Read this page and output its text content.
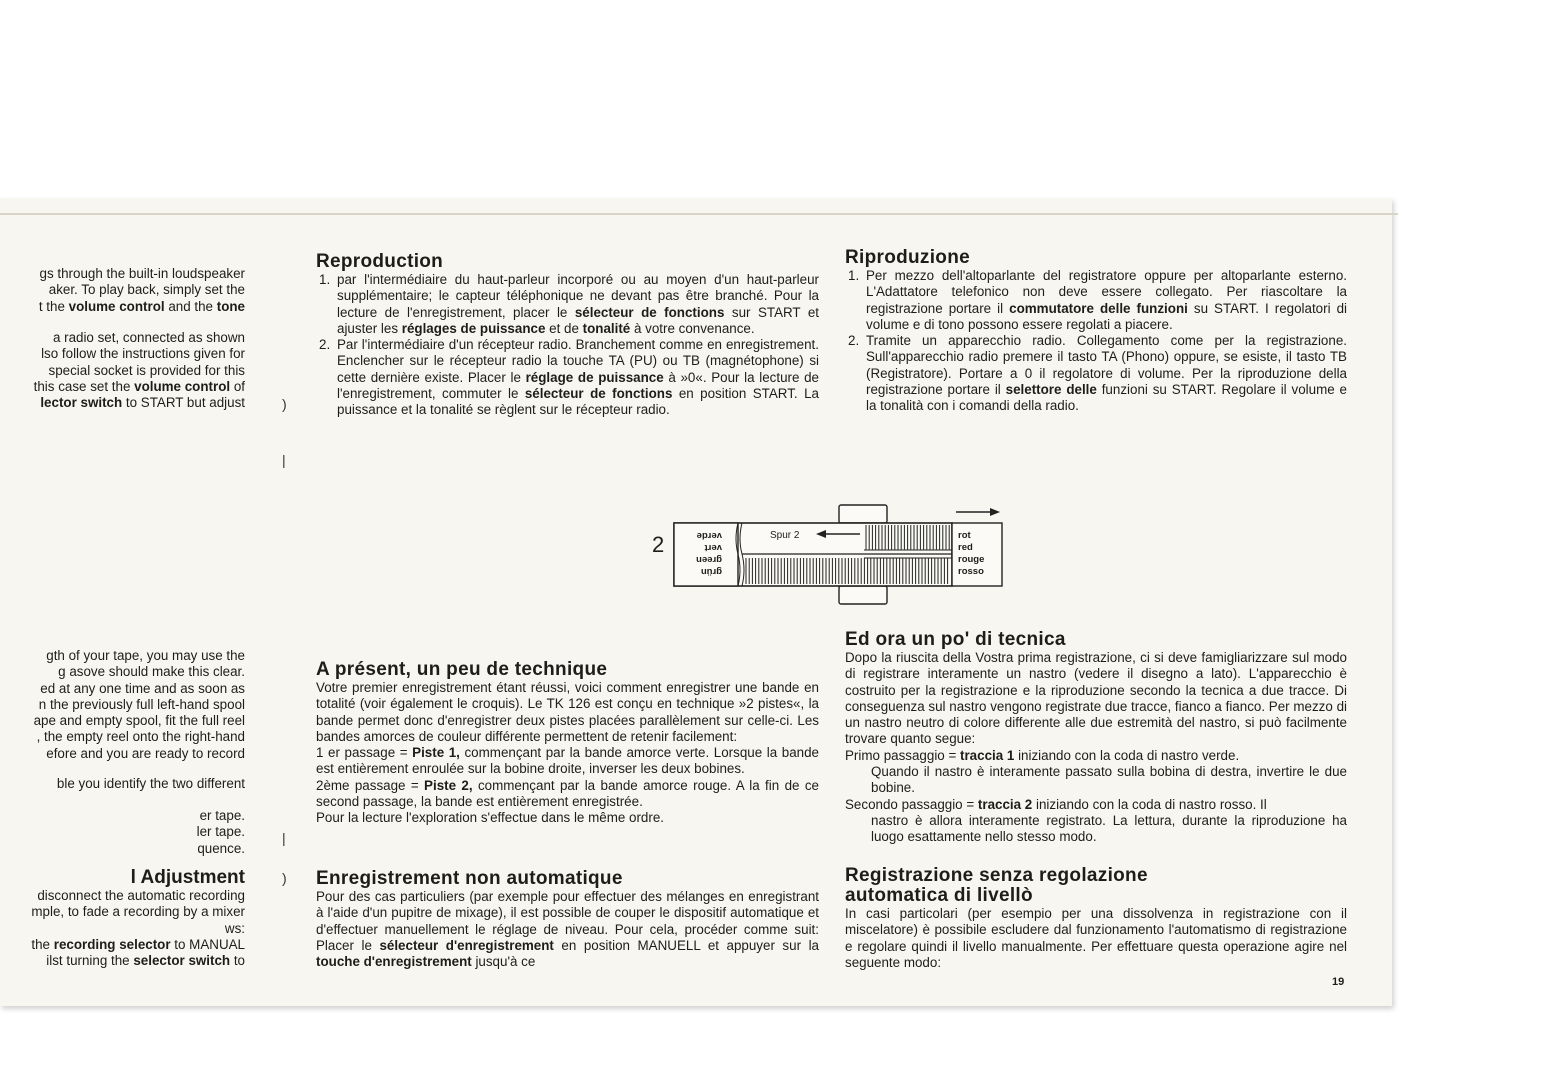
gs through the built-in loudspeaker

aker. To play back, simply set the

t the volume control and the tone

a radio set, connected as shown

lso follow the instructions given for

special socket is provided for this

this case set the volume control of

lector switch to START but adjust

gth of your tape, you may use the

g asove should make this clear.

ed at any one time and as soon as

n the previously full left-hand spool

ape and empty spool, fit the full reel

, the empty reel onto the right-hand

efore and you are ready to record

ble you identify the two different

er tape.

ler tape.

quence.

l Adjustment

disconnect the automatic recording

mple, to fade a recording by a mixer

ws:

the recording selector to MANUAL

ilst turning the selector switch to

Reproduction
1. par l'intermédiaire du haut-parleur incorporé ou au moyen d'un haut-parleur supplémentaire; le capteur téléphonique ne devant pas être branché. Pour la lecture de l'enregistrement, placer le sélecteur de fonctions sur START et ajuster les réglages de puissance et de tonalité à votre convenance.
2. Par l'intermédiaire d'un récepteur radio. Branchement comme en enregistrement. Enclencher sur le récepteur radio la touche TA (PU) ou TB (magnétophone) si cette dernière existe. Placer le réglage de puissance à »0«. Pour la lecture de l'enregistrement, commuter le sélecteur de fonctions en position START. La puissance et la tonalité se règlent sur le récepteur radio.
A présent, un peu de technique

Votre premier enregistrement étant réussi, voici comment enregistrer une bande en totalité (voir également le croquis). Le TK 126 est conçu en technique »2 pistes«, la bande permet donc d'enregistrer deux pistes placées parallèlement sur celle-ci. Les bandes amorces de couleur différente permettent de retenir facilement:

1 er passage = Piste 1, commençant par la bande amorce verte. Lorsque la bande est entièrement enroulée sur la bobine droite, inverser les deux bobines.

2ème passage = Piste 2, commençant par la bande amorce rouge. A la fin de ce second passage, la bande est entièrement enregistrée.

Pour la lecture l'exploration s'effectue dans le même ordre.

Enregistrement non automatique

Pour des cas particuliers (par exemple pour effectuer des mélanges en enregistrant à l'aide d'un pupitre de mixage), il est possible de couper le dispositif automatique et d'effectuer manuellement le réglage de niveau. Pour cela, procéder comme suit: Placer le sélecteur d'enregistrement en position MANUELL et appuyer sur la touche d'enregistrement jusqu'à ce

Riproduzione
1. Per mezzo dell'altoparlante del registratore oppure per altoparlante esterno. L'Adattatore telefonico non deve essere collegato. Per riascoltare la registrazione portare il commutatore delle funzioni su START. I regolatori di volume e di tono possono essere regolati a piacere.
2. Tramite un apparecchio radio. Collegamento come per la registrazione. Sull'apparecchio radio premere il tasto TA (Phono) oppure, se esiste, il tasto TB (Registratore). Portare a 0 il regolatore di volume. Per la riproduzione della registrazione portare il selettore delle funzioni su START. Regolare il volume e la tonalità con i comandi della radio.
Ed ora un po' di tecnica

Dopo la riuscita della Vostra prima registrazione, ci si deve famigliarizzare sul modo di registrare interamente un nastro (vedere il disegno a lato). L'apparecchio è costruito per la registrazione e la riproduzione secondo la tecnica a due tracce. Di conseguenza sul nastro vengono registrate due tracce, fianco a fianco. Per mezzo di un nastro neutro di colore differente alle due estremità del nastro, si può facilmente trovare quanto segue:

Primo passaggio = traccia 1 iniziando con la coda di nastro verde.

Quando il nastro è interamente passato sulla bobina di destra, invertire le due bobine.

Secondo passaggio = traccia 2 iniziando con la coda di nastro rosso. Il

nastro è allora interamente registrato. La lettura, durante la riproduzione ha luogo esattamente nello stesso modo.

Registrazione senza regolazione
automatica di livellò

In casi particolari (per esempio per una dissolvenza in registrazione con il miscelatore) è possibile escludere dal funzionamento l'automatismo di registrazione e regolare quindi il livello manualmente. Per effettuare questa operazione agire nel seguente modo:

2	Spur 2
grün
green
vert
verde	rot
red
rouge
rosso
)
|
|
)
19
